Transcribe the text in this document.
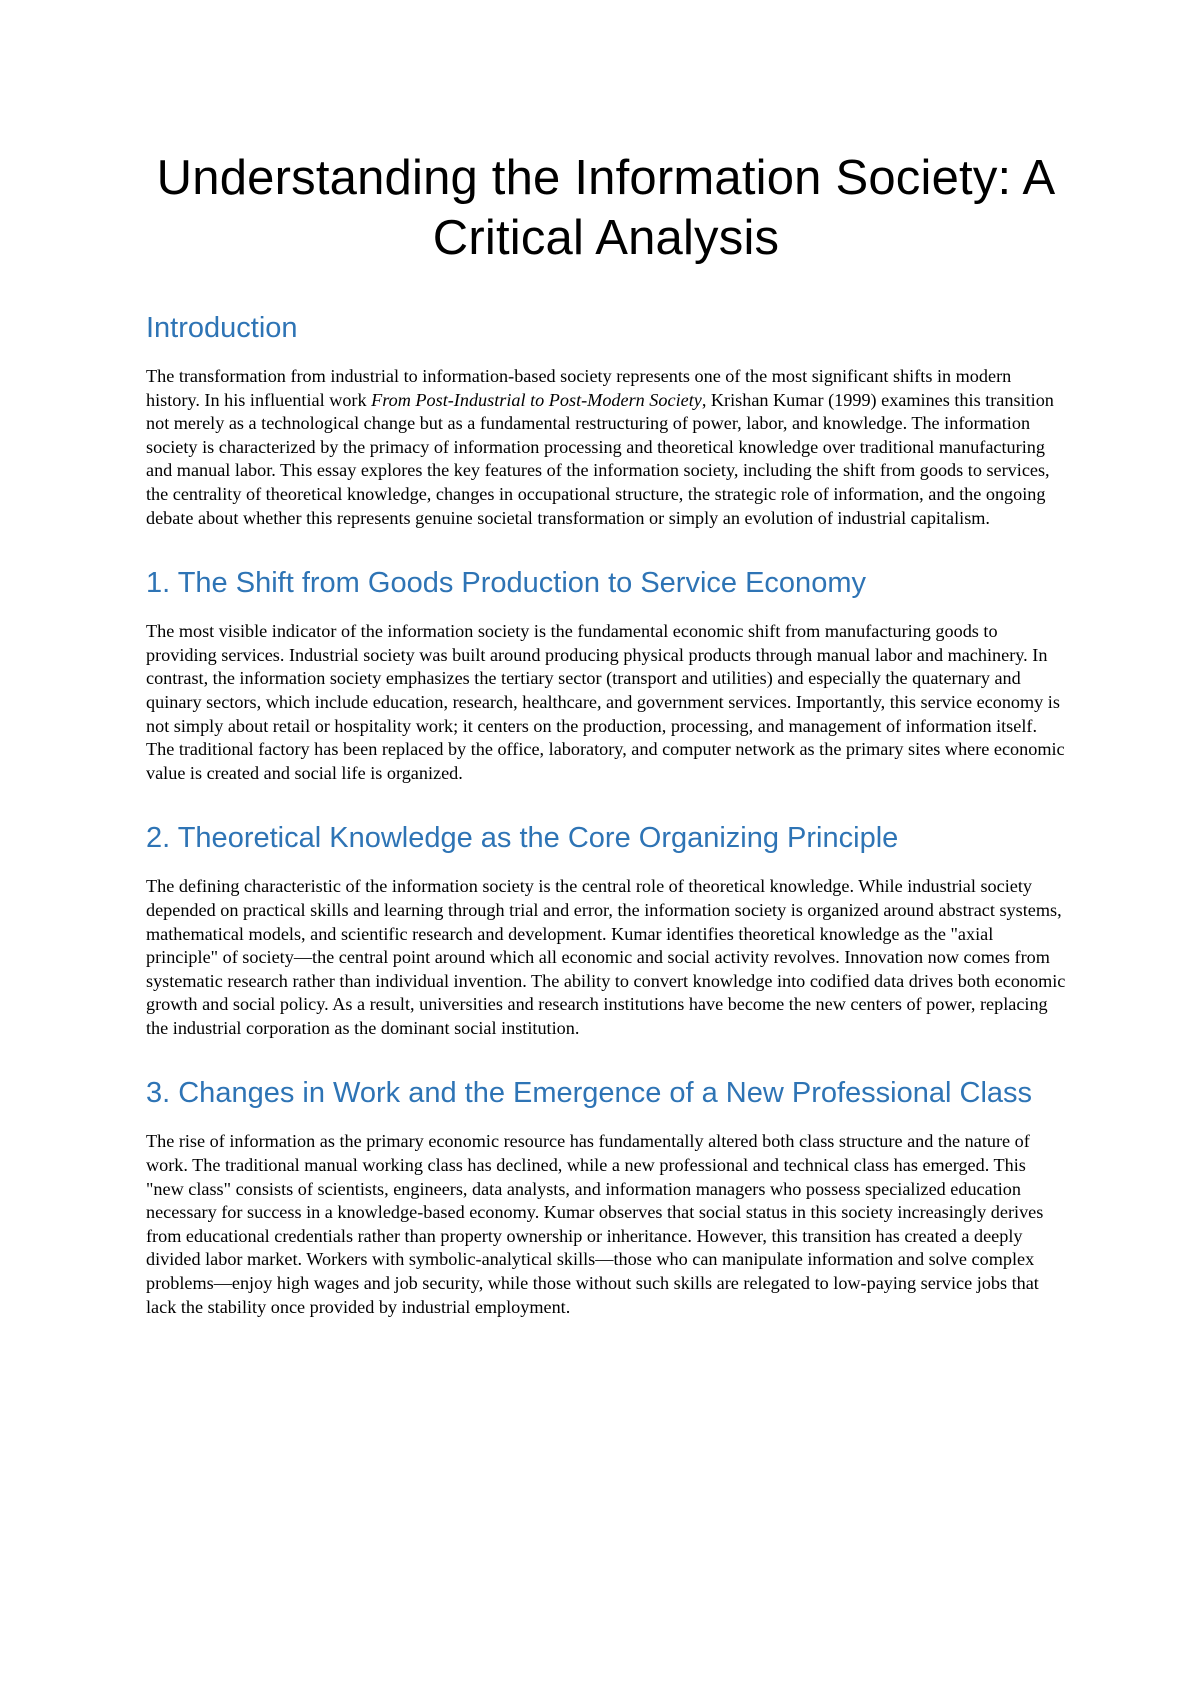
Understanding the Information Society: A Critical Analysis
Introduction

The transformation from industrial to information-based society represents one of the most significant shifts in modern history. In his influential work From Post-Industrial to Post-Modern Society, Krishan Kumar (1999) examines this transition not merely as a technological change but as a fundamental restructuring of power, labor, and knowledge. The information society is characterized by the primacy of information processing and theoretical knowledge over traditional manufacturing and manual labor. This essay explores the key features of the information society, including the shift from goods to services, the centrality of theoretical knowledge, changes in occupational structure, the strategic role of information, and the ongoing debate about whether this represents genuine societal transformation or simply an evolution of industrial capitalism.

1. The Shift from Goods Production to Service Economy

The most visible indicator of the information society is the fundamental economic shift from manufacturing goods to providing services. Industrial society was built around producing physical products through manual labor and machinery. In contrast, the information society emphasizes the tertiary sector (transport and utilities) and especially the quaternary and quinary sectors, which include education, research, healthcare, and government services. Importantly, this service economy is not simply about retail or hospitality work; it centers on the production, processing, and management of information itself. The traditional factory has been replaced by the office, laboratory, and computer network as the primary sites where economic value is created and social life is organized.

2. Theoretical Knowledge as the Core Organizing Principle

The defining characteristic of the information society is the central role of theoretical knowledge. While industrial society depended on practical skills and learning through trial and error, the information society is organized around abstract systems, mathematical models, and scientific research and development. Kumar identifies theoretical knowledge as the "axial principle" of society—the central point around which all economic and social activity revolves. Innovation now comes from systematic research rather than individual invention. The ability to convert knowledge into codified data drives both economic growth and social policy. As a result, universities and research institutions have become the new centers of power, replacing the industrial corporation as the dominant social institution.

3. Changes in Work and the Emergence of a New Professional Class

The rise of information as the primary economic resource has fundamentally altered both class structure and the nature of work. The traditional manual working class has declined, while a new professional and technical class has emerged. This "new class" consists of scientists, engineers, data analysts, and information managers who possess specialized education necessary for success in a knowledge-based economy. Kumar observes that social status in this society increasingly derives from educational credentials rather than property ownership or inheritance. However, this transition has created a deeply divided labor market. Workers with symbolic-analytical skills—those who can manipulate information and solve complex problems—enjoy high wages and job security, while those without such skills are relegated to low-paying service jobs that lack the stability once provided by industrial employment.
